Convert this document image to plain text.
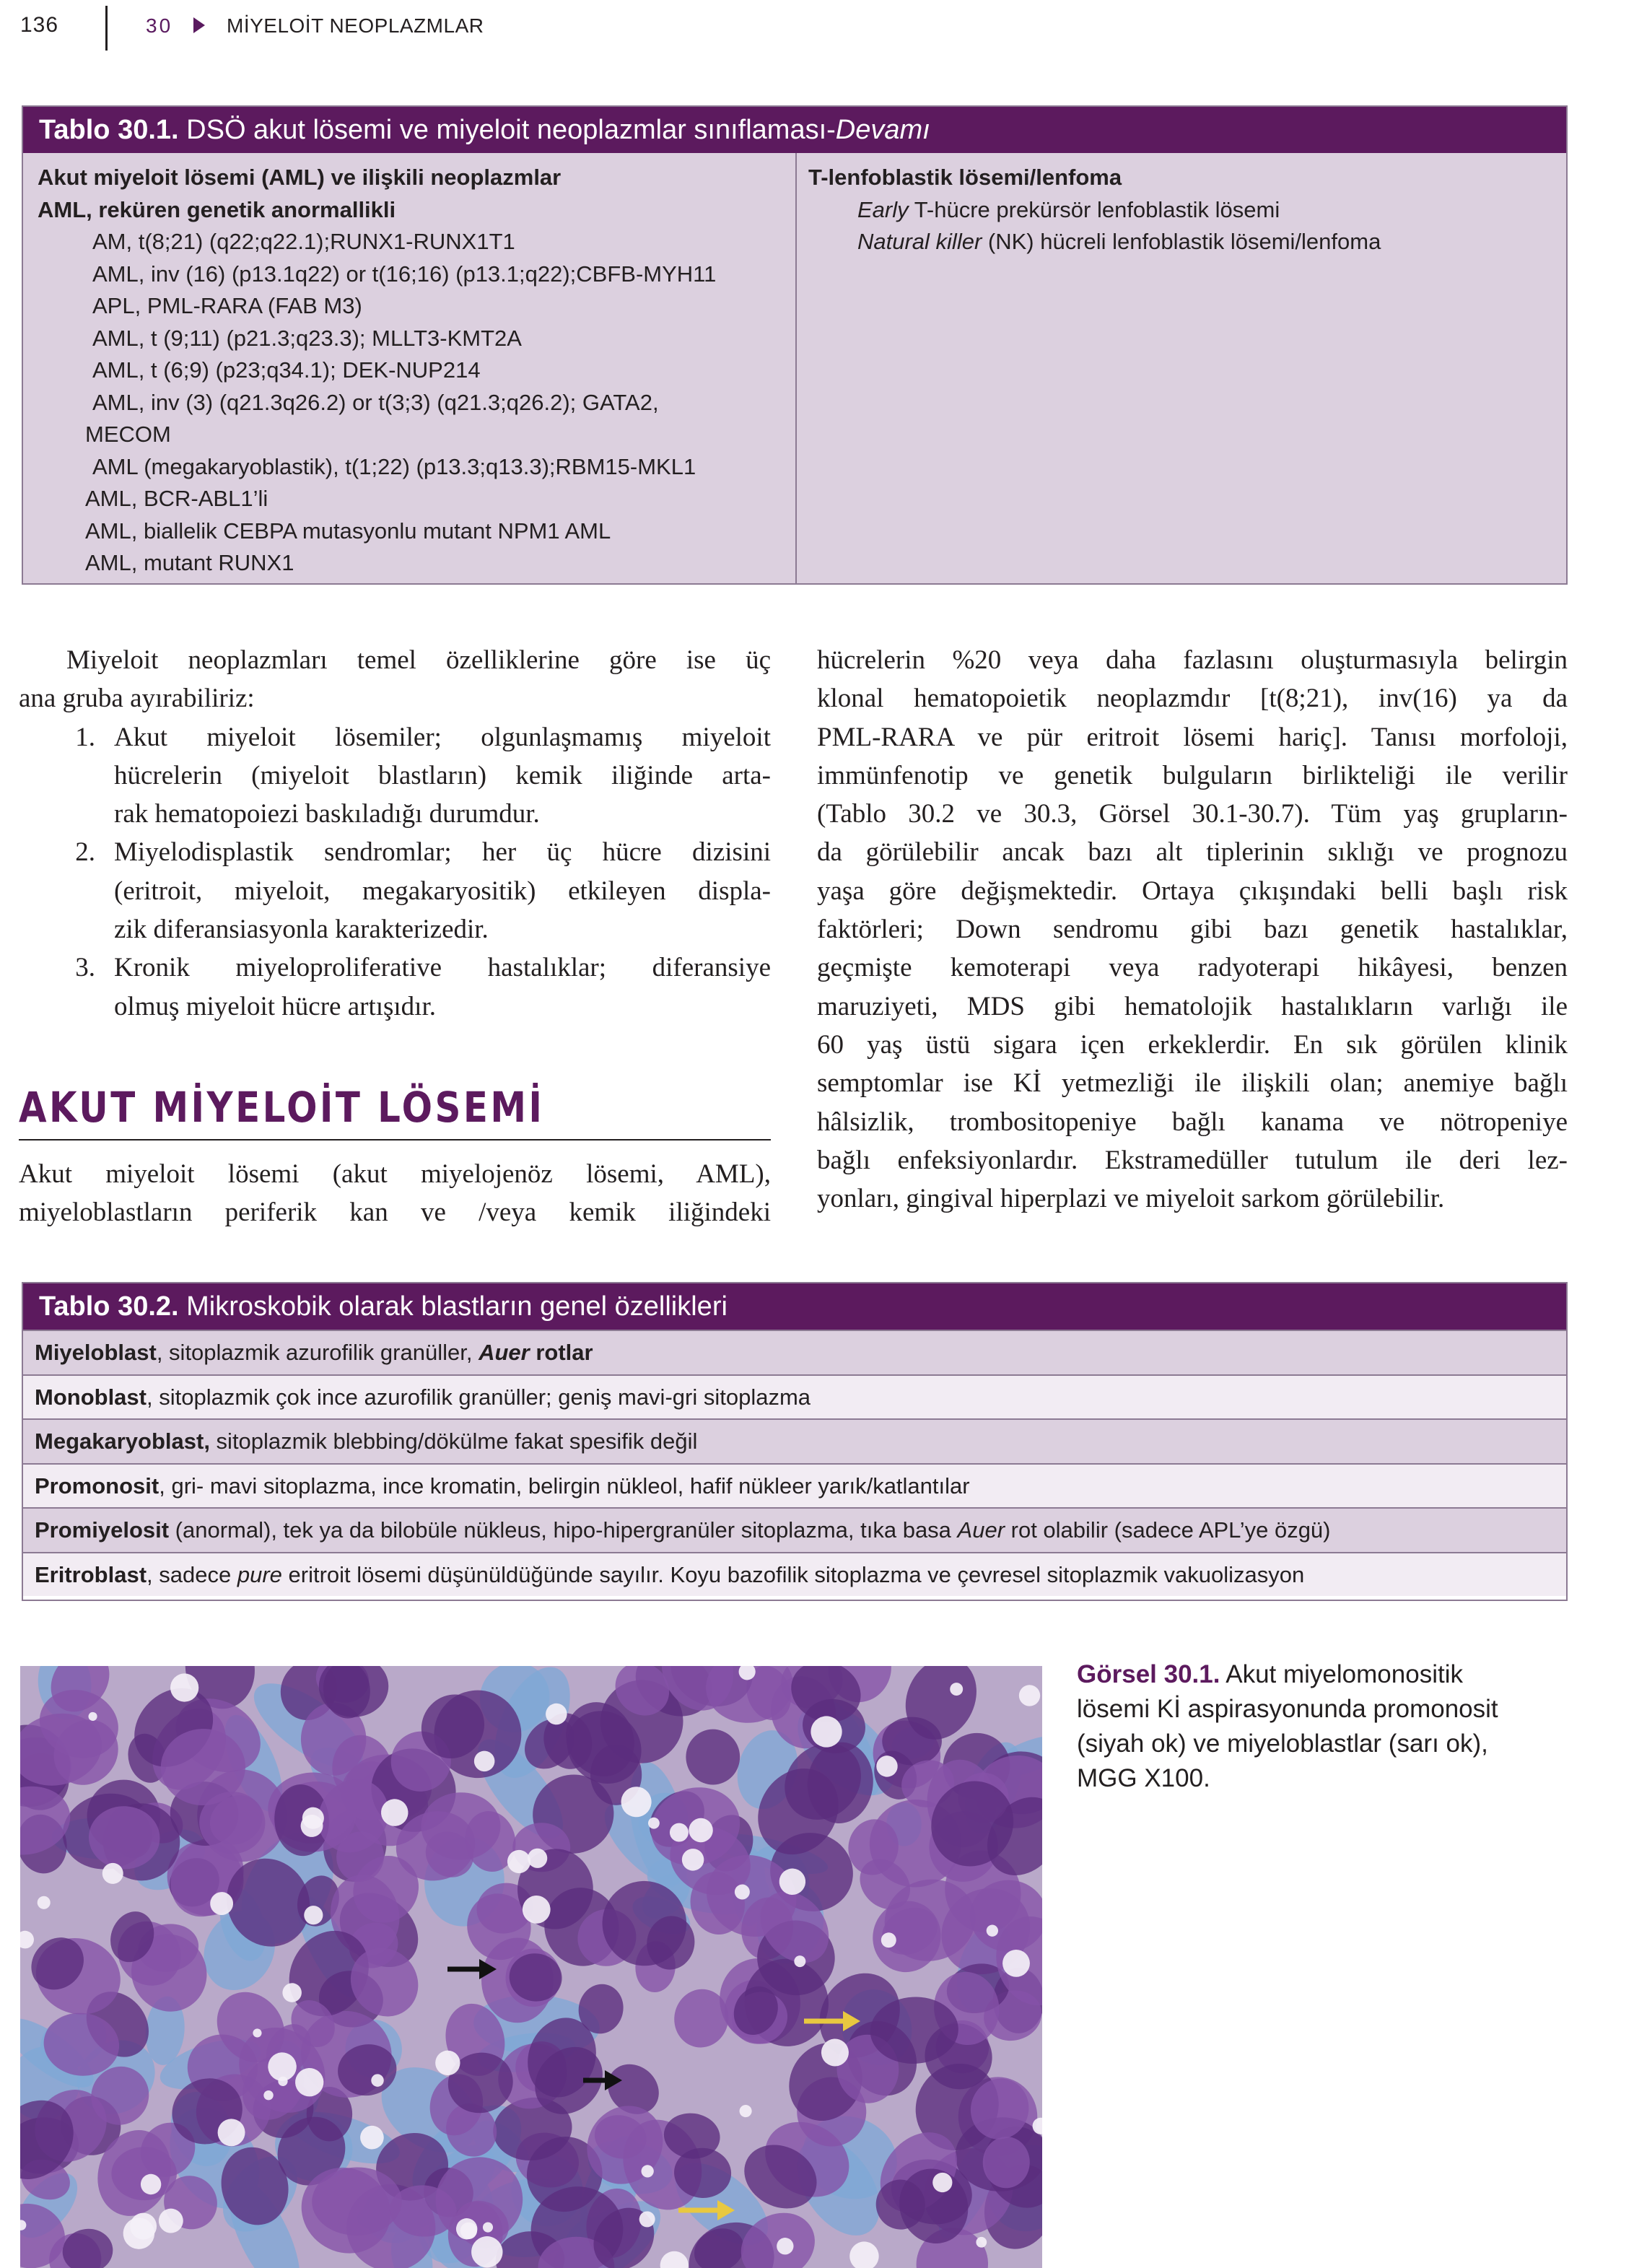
136	30	MİYELOİT NEOPLAZMLAR
Tablo 30.1. DSÖ akut lösemi ve miyeloit neoplazmlar sınıflaması-Devamı
Akut miyeloit lösemi (AML) ve ilişkili neoplazmlar
AML, reküren genetik anormallikli
AM, t(8;21) (q22;q22.1);RUNX1-RUNX1T1
AML, inv (16) (p13.1q22) or t(16;16) (p13.1;q22);CBFB-MYH11
APL, PML-RARA (FAB M3)
AML, t (9;11) (p21.3;q23.3); MLLT3-KMT2A
AML, t (6;9) (p23;q34.1); DEK-NUP214
AML, inv (3) (q21.3q26.2) or t(3;3) (q21.3;q26.2); GATA2,
MECOM
AML (megakaryoblastik), t(1;22) (p13.3;q13.3);RBM15-MKL1
AML, BCR-ABL1’li
AML, biallelik CEBPA mutasyonlu mutant NPM1 AML
AML, mutant RUNX1
T-lenfoblastik lösemi/lenfoma
Early T-hücre prekürsör lenfoblastik lösemi
Natural killer (NK) hücreli lenfoblastik lösemi/lenfoma
Miyeloit neoplazmları temel özelliklerine göre ise üç
ana gruba ayırabiliriz:
1. Akut miyeloit lösemiler; olgunlaşmamış miyeloit
hücrelerin (miyeloit blastların) kemik iliğinde arta-
rak hematopoiezi baskıladığı durumdur.
2. Miyelodisplastik sendromlar; her üç hücre dizisini
(eritroit, miyeloit, megakaryositik) etkileyen displa-
zik diferansiasyonla karakterizedir.
3. Kronik miyeloproliferative hastalıklar; diferansiye
olmuş miyeloit hücre artışıdır.
AKUT MİYELOİT LÖSEMİ
Akut miyeloit lösemi (akut miyelojenöz lösemi, AML),
miyeloblastların periferik kan ve /veya kemik iliğindeki
hücrelerin %20 veya daha fazlasını oluşturmasıyla belirgin
klonal hematopoietik neoplazmdır [t(8;21), inv(16) ya da
PML-RARA ve pür eritroit lösemi hariç]. Tanısı morfoloji,
immünfenotip ve genetik bulguların birlikteliği ile verilir
(Tablo 30.2 ve 30.3, Görsel 30.1-30.7). Tüm yaş grupların-
da görülebilir ancak bazı alt tiplerinin sıklığı ve prognozu
yaşa göre değişmektedir. Ortaya çıkışındaki belli başlı risk
faktörleri; Down sendromu gibi bazı genetik hastalıklar,
geçmişte kemoterapi veya radyoterapi hikâyesi, benzen
maruziyeti, MDS gibi hematolojik hastalıkların varlığı ile
60 yaş üstü sigara içen erkeklerdir. En sık görülen klinik
semptomlar ise Kİ yetmezliği ile ilişkili olan; anemiye bağlı
hâlsizlik, trombositopeniye bağlı kanama ve nötropeniye
bağlı enfeksiyonlardır. Ekstramedüller tutulum ile deri lez-
yonları, gingival hiperplazi ve miyeloit sarkom görülebilir.
Tablo 30.2. Mikroskobik olarak blastların genel özellikleri
Miyeloblast, sitoplazmik azurofilik granüller, Auer rotlar
Monoblast, sitoplazmik çok ince azurofilik granüller; geniş mavi-gri sitoplazma
Megakaryoblast, sitoplazmik blebbing/dökülme fakat spesifik değil
Promonosit, gri- mavi sitoplazma, ince kromatin, belirgin nükleol, hafif nükleer yarık/katlantılar
Promiyelosit (anormal), tek ya da bilobüle nükleus, hipo-hipergranüler sitoplazma, tıka basa Auer rot olabilir (sadece APL’ye özgü)
Eritroblast, sadece pure eritroit lösemi düşünüldüğünde sayılır. Koyu bazofilik sitoplazma ve çevresel sitoplazmik vakuolizasyon
Görsel 30.1. Akut miyelomonositik
lösemi Kİ aspirasyonunda promonosit
(siyah ok) ve miyeloblastlar (sarı ok),
MGG X100.
